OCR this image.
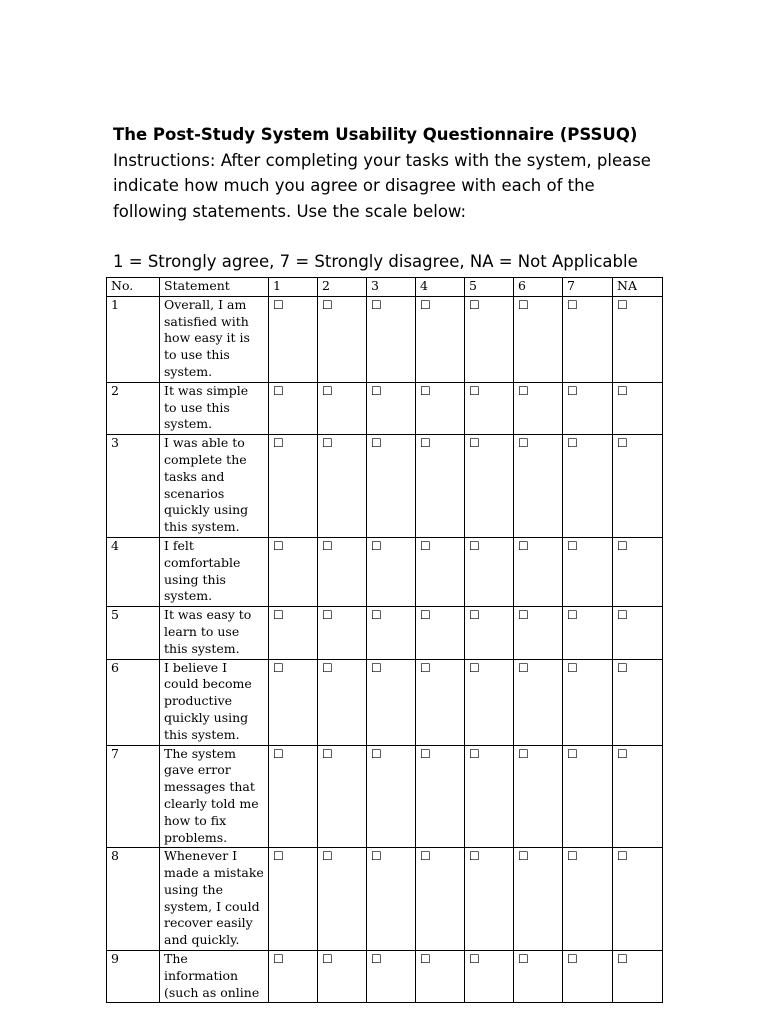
The Post-Study System Usability Questionnaire (PSSUQ) Instructions: After completing your tasks with the system, please indicate how much you agree or disagree with each of the following statements. Use the scale below:

1 = Strongly agree, 7 = Strongly disagree, NA = Not Applicable

No.	Statement	1	2	3	4	5	6	7	NA
1	Overall, I am satisfied with how easy it is to use this system.	☐	☐	☐	☐	☐	☐	☐	☐
2	It was simple to use this system.	☐	☐	☐	☐	☐	☐	☐	☐
3	I was able to complete the tasks and scenarios quickly using this system.	☐	☐	☐	☐	☐	☐	☐	☐
4	I felt comfortable using this system.	☐	☐	☐	☐	☐	☐	☐	☐
5	It was easy to learn to use this system.	☐	☐	☐	☐	☐	☐	☐	☐
6	I believe I could become productive quickly using this system.	☐	☐	☐	☐	☐	☐	☐	☐
7	The system gave error messages that clearly told me how to fix problems.	☐	☐	☐	☐	☐	☐	☐	☐
8	Whenever I made a mistake using the system, I could recover easily and quickly.	☐	☐	☐	☐	☐	☐	☐	☐
9	The information (such as online	☐	☐	☐	☐	☐	☐	☐	☐
